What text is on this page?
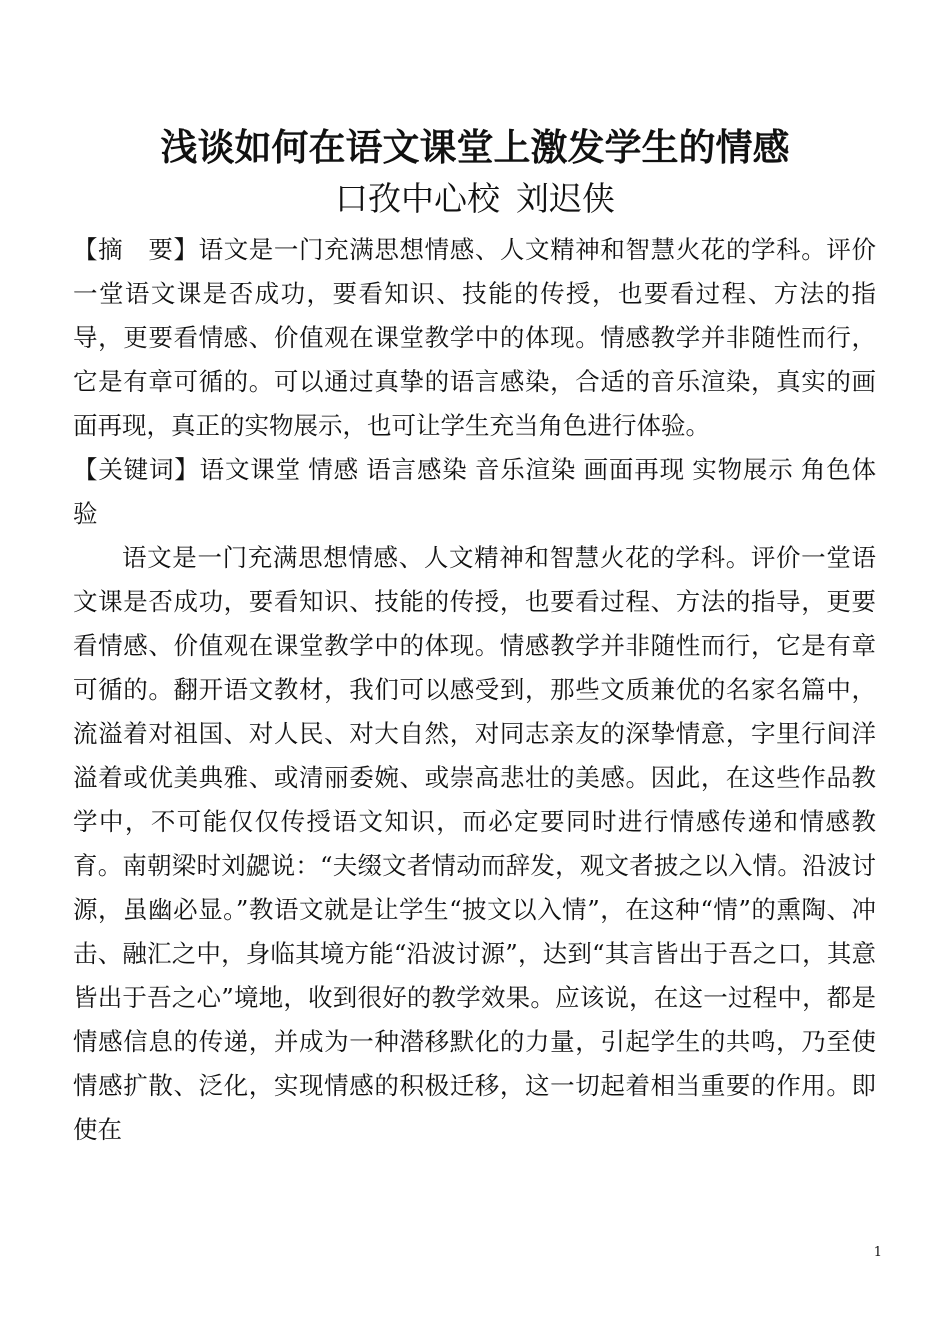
浅谈如何在语文课堂上激发学生的情感
口孜中心校 刘迟侠

【摘　要】语文是一门充满思想情感、人文精神和智慧火花的学科。评价一堂语文课是否成功，要看知识、技能的传授，也要看过程、方法的指导，更要看情感、价值观在课堂教学中的体现。情感教学并非随性而行，它是有章可循的。可以通过真挚的语言感染，合适的音乐渲染，真实的画面再现，真正的实物展示，也可让学生充当角色进行体验。

【关键词】语文课堂 情感 语言感染 音乐渲染 画面再现 实物展示 角色体验

语文是一门充满思想情感、人文精神和智慧火花的学科。评价一堂语文课是否成功，要看知识、技能的传授，也要看过程、方法的指导，更要看情感、价值观在课堂教学中的体现。情感教学并非随性而行，它是有章可循的。翻开语文教材，我们可以感受到，那些文质兼优的名家名篇中，流溢着对祖国、对人民、对大自然，对同志亲友的深挚情意，字里行间洋溢着或优美典雅、或清丽委婉、或崇高悲壮的美感。因此，在这些作品教学中，不可能仅仅传授语文知识，而必定要同时进行情感传递和情感教育。南朝梁时刘勰说：“夫缀文者情动而辞发，观文者披之以入情。沿波讨源，虽幽必显。”教语文就是让学生“披文以入情”，在这种“情”的熏陶、冲击、融汇之中，身临其境方能“沿波讨源”，达到“其言皆出于吾之口，其意皆出于吾之心”境地，收到很好的教学效果。应该说，在这一过程中，都是情感信息的传递，并成为一种潜移默化的力量，引起学生的共鸣，乃至使情感扩散、泛化，实现情感的积极迁移，这一切起着相当重要的作用。即使在

1
